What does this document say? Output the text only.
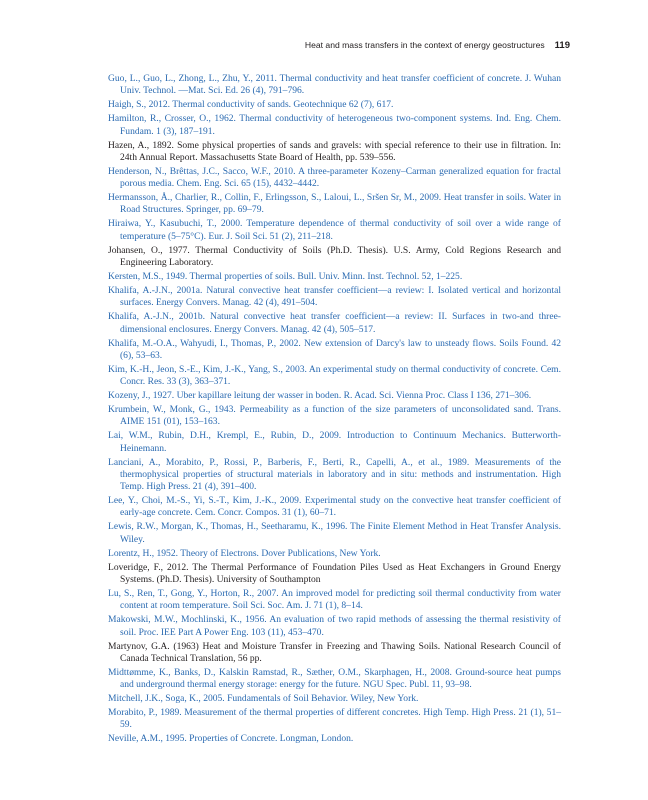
Heat and mass transfers in the context of energy geostructures 119
Guo, L., Guo, L., Zhong, L., Zhu, Y., 2011. Thermal conductivity and heat transfer coefficient of concrete. J. Wuhan Univ. Technol. —Mat. Sci. Ed. 26 (4), 791–796.
Haigh, S., 2012. Thermal conductivity of sands. Geotechnique 62 (7), 617.
Hamilton, R., Crosser, O., 1962. Thermal conductivity of heterogeneous two-component systems. Ind. Eng. Chem. Fundam. 1 (3), 187–191.
Hazen, A., 1892. Some physical properties of sands and gravels: with special reference to their use in filtration. In: 24th Annual Report. Massachusetts State Board of Health, pp. 539–556.
Henderson, N., Brêttas, J.C., Sacco, W.F., 2010. A three-parameter Kozeny–Carman generalized equation for fractal porous media. Chem. Eng. Sci. 65 (15), 4432–4442.
Hermansson, Å., Charlier, R., Collin, F., Erlingsson, S., Laloui, L., Sršen Sr, M., 2009. Heat transfer in soils. Water in Road Structures. Springer, pp. 69–79.
Hiraiwa, Y., Kasubuchi, T., 2000. Temperature dependence of thermal conductivity of soil over a wide range of temperature (5–75°C). Eur. J. Soil Sci. 51 (2), 211–218.
Johansen, O., 1977. Thermal Conductivity of Soils (Ph.D. Thesis). U.S. Army, Cold Regions Research and Engineering Laboratory.
Kersten, M.S., 1949. Thermal properties of soils. Bull. Univ. Minn. Inst. Technol. 52, 1–225.
Khalifa, A.-J.N., 2001a. Natural convective heat transfer coefficient—a review: I. Isolated vertical and horizontal surfaces. Energy Convers. Manag. 42 (4), 491–504.
Khalifa, A.-J.N., 2001b. Natural convective heat transfer coefficient—a review: II. Surfaces in two-and three-dimensional enclosures. Energy Convers. Manag. 42 (4), 505–517.
Khalifa, M.-O.A., Wahyudi, I., Thomas, P., 2002. New extension of Darcy's law to unsteady flows. Soils Found. 42 (6), 53–63.
Kim, K.-H., Jeon, S.-E., Kim, J.-K., Yang, S., 2003. An experimental study on thermal conductivity of concrete. Cem. Concr. Res. 33 (3), 363–371.
Kozeny, J., 1927. Uber kapillare leitung der wasser in boden. R. Acad. Sci. Vienna Proc. Class I 136, 271–306.
Krumbein, W., Monk, G., 1943. Permeability as a function of the size parameters of unconsolidated sand. Trans. AIME 151 (01), 153–163.
Lai, W.M., Rubin, D.H., Krempl, E., Rubin, D., 2009. Introduction to Continuum Mechanics. Butterworth-Heinemann.
Lanciani, A., Morabito, P., Rossi, P., Barberis, F., Berti, R., Capelli, A., et al., 1989. Measurements of the thermophysical properties of structural materials in laboratory and in situ: methods and instrumentation. High Temp. High Press. 21 (4), 391–400.
Lee, Y., Choi, M.-S., Yi, S.-T., Kim, J.-K., 2009. Experimental study on the convective heat transfer coefficient of early-age concrete. Cem. Concr. Compos. 31 (1), 60–71.
Lewis, R.W., Morgan, K., Thomas, H., Seetharamu, K., 1996. The Finite Element Method in Heat Transfer Analysis. Wiley.
Lorentz, H., 1952. Theory of Electrons. Dover Publications, New York.
Loveridge, F., 2012. The Thermal Performance of Foundation Piles Used as Heat Exchangers in Ground Energy Systems. (Ph.D. Thesis). University of Southampton
Lu, S., Ren, T., Gong, Y., Horton, R., 2007. An improved model for predicting soil thermal conductivity from water content at room temperature. Soil Sci. Soc. Am. J. 71 (1), 8–14.
Makowski, M.W., Mochlinski, K., 1956. An evaluation of two rapid methods of assessing the thermal resistivity of soil. Proc. IEE Part A Power Eng. 103 (11), 453–470.
Martynov, G.A. (1963) Heat and Moisture Transfer in Freezing and Thawing Soils. National Research Council of Canada Technical Translation, 56 pp.
Midttømme, K., Banks, D., Kalskin Ramstad, R., Sæther, O.M., Skarphagen, H., 2008. Ground-source heat pumps and underground thermal energy storage: energy for the future. NGU Spec. Publ. 11, 93–98.
Mitchell, J.K., Soga, K., 2005. Fundamentals of Soil Behavior. Wiley, New York.
Morabito, P., 1989. Measurement of the thermal properties of different concretes. High Temp. High Press. 21 (1), 51–59.
Neville, A.M., 1995. Properties of Concrete. Longman, London.
